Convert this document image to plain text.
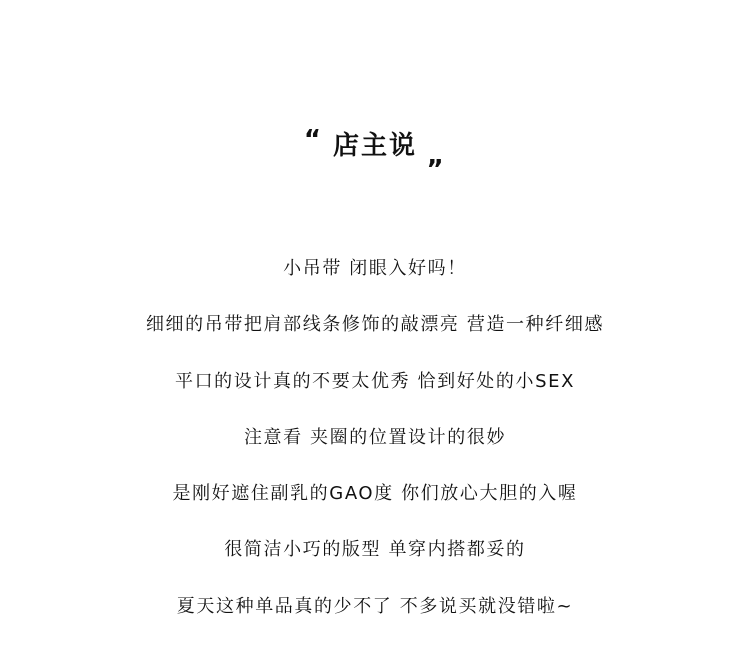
“ 店主说 „
小吊带 闭眼入好吗！
细细的吊带把肩部线条修饰的敲漂亮 营造一种纤细感
平口的设计真的不要太优秀 恰到好处的小SEX
注意看 夹圈的位置设计的很妙
是刚好遮住副乳的GAO度 你们放心大胆的入喔
很简洁小巧的版型 单穿内搭都妥的
夏天这种单品真的少不了 不多说买就没错啦~
